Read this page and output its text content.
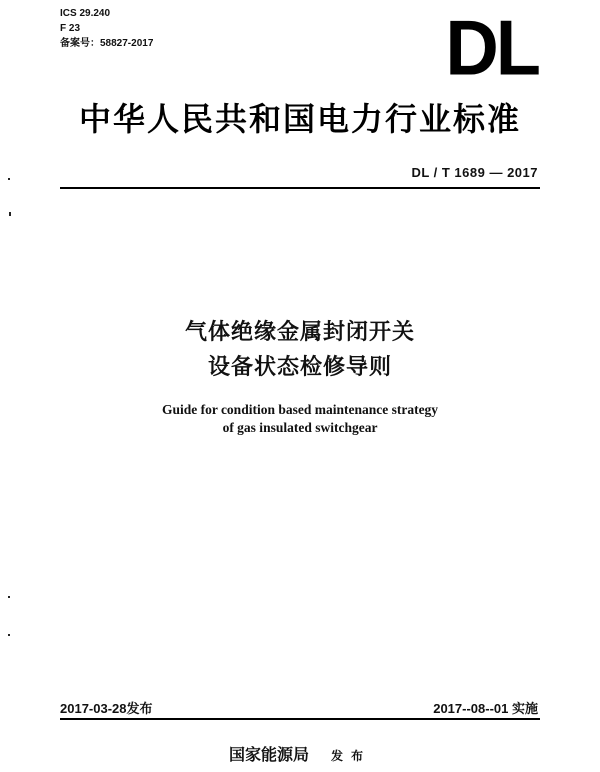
ICS 29.240
F 23
备案号：58827-2017	DL
中华人民共和国电力行业标准
DL / T 1689 — 2017
气体绝缘金属封闭开关
设备状态检修导则
Guide for condition based maintenance strategy
of gas insulated switchgear
2017-03-28发布	2017--08--01 实施
国家能源局 发布
